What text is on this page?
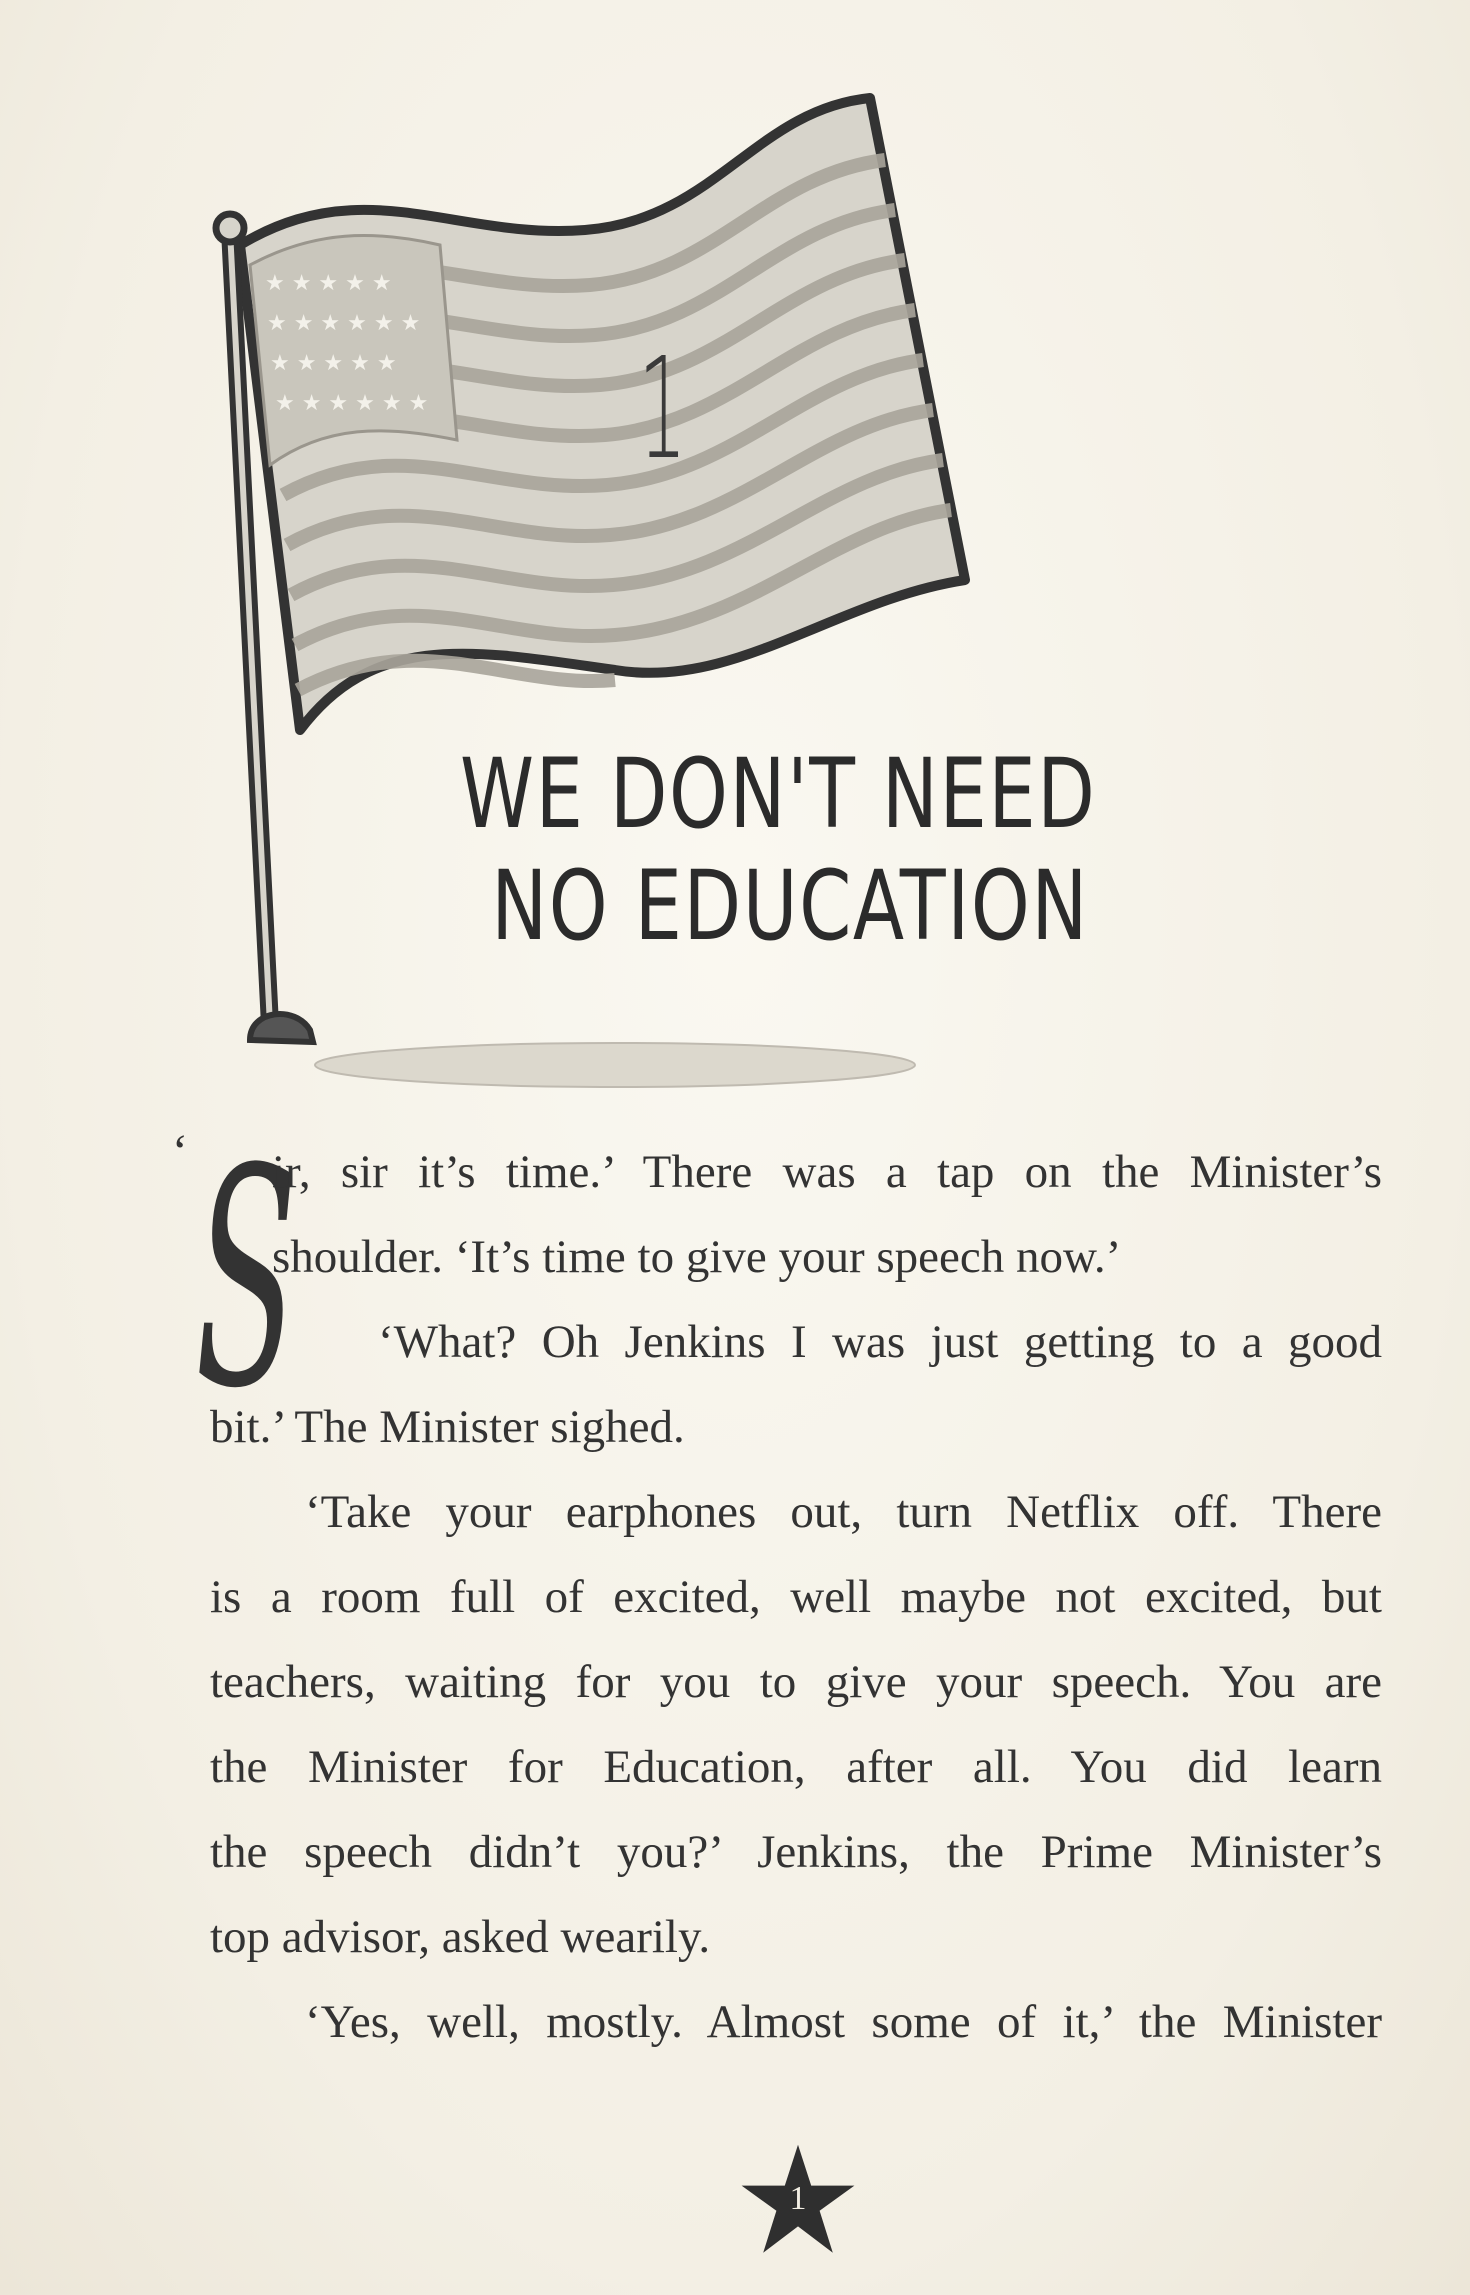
★ ★ ★ ★ ★
★ ★ ★ ★ ★ ★
★ ★ ★ ★ ★
★ ★ ★ ★ ★ ★ 1
WE DON'T NEED
NO EDUCATION
‘ S
ir, sir it’s time.’ There was a tap on the Minister’s
shoulder. ‘It’s time to give your speech now.’
‘What? Oh Jenkins I was just getting to a good
bit.’ The Minister sighed.
‘Take your earphones out, turn Netflix off. There
is a room full of excited, well maybe not excited, but
teachers, waiting for you to give your speech. You are
the Minister for Education, after all. You did learn
the speech didn’t you?’ Jenkins, the Prime Minister’s
top advisor, asked wearily.
‘Yes, well, mostly. Almost some of it,’ the Minister
1
